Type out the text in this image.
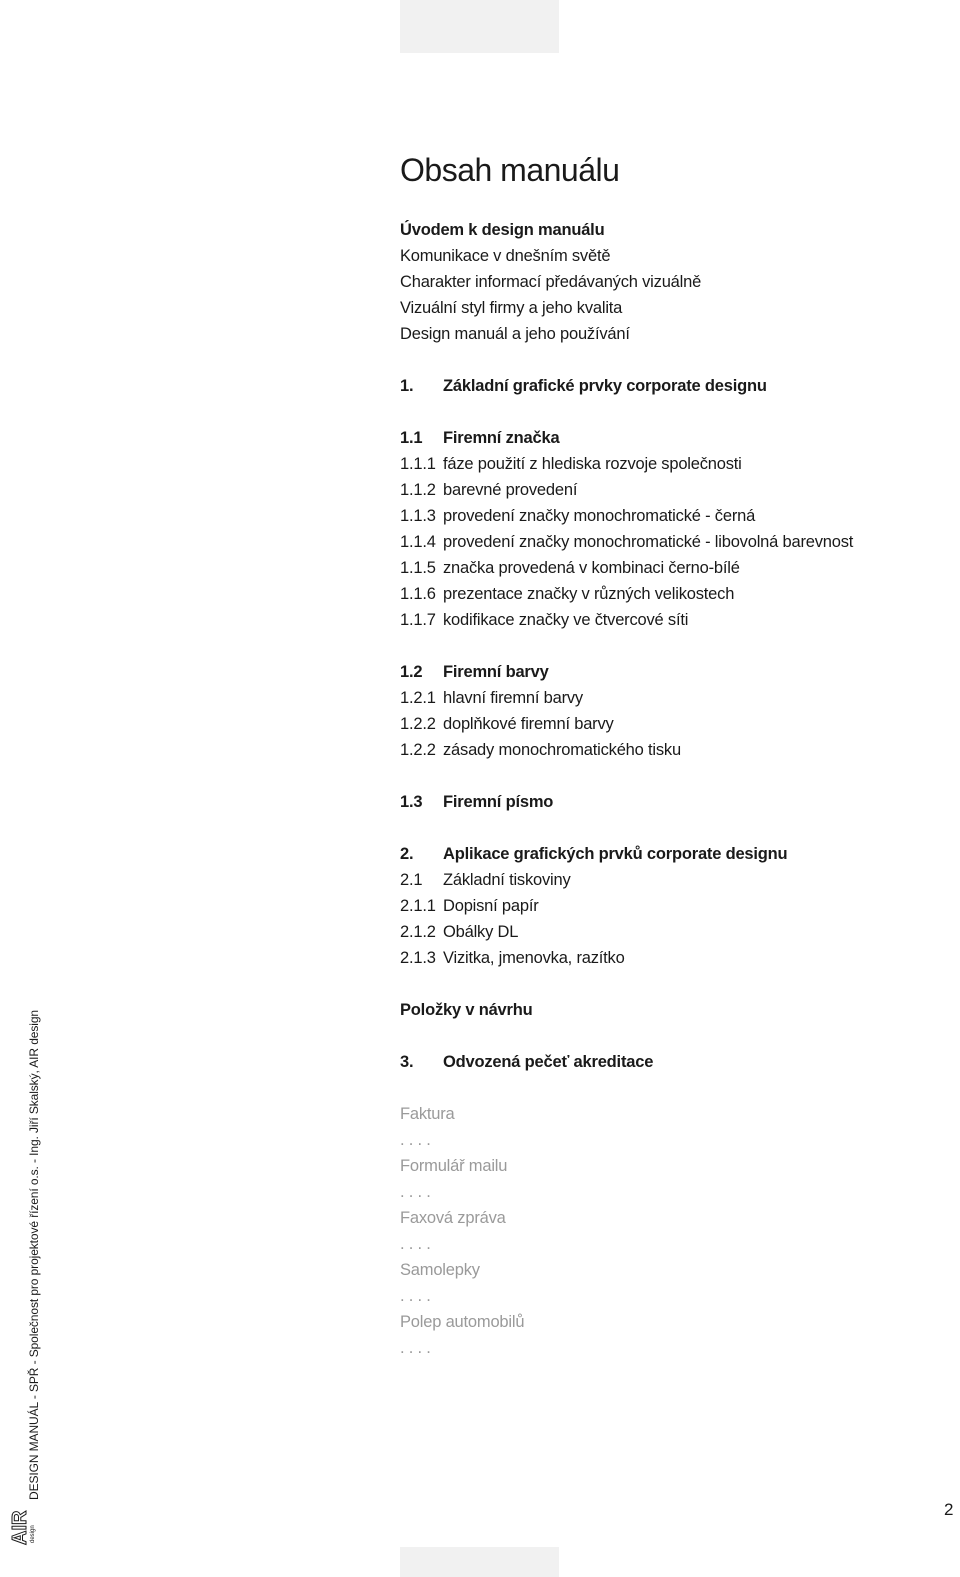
Obsah manuálu
Úvodem k design manuálu
Komunikace v dnešním světě
Charakter informací předávaných vizuálně
Vizuální styl firmy a jeho kvalita
Design manuál a jeho používání
1. Základní grafické prvky corporate designu
1.1 Firemní značka
1.1.1 fáze použití z hlediska rozvoje společnosti
1.1.2 barevné provedení
1.1.3 provedení značky monochromatické - černá
1.1.4 provedení značky monochromatické - libovolná barevnost
1.1.5 značka provedená v kombinaci černo-bílé
1.1.6 prezentace značky v různých velikostech
1.1.7 kodifikace značky ve čtvercové síti
1.2 Firemní barvy
1.2.1 hlavní firemní barvy
1.2.2 doplňkové firemní barvy
1.2.2 zásady monochromatického tisku
1.3 Firemní písmo
2. Aplikace grafických prvků corporate designu
2.1 Základní tiskoviny
2.1.1 Dopisní papír
2.1.2 Obálky DL
2.1.3 Vizitka, jmenovka, razítko
Položky v návrhu
3. Odvozená pečeť akreditace
Faktura
. . . .
Formulář mailu
. . . .
Faxová zpráva
. . . .
Samolepky
. . . .
Polep automobilů
. . . .
DESIGN MANUÁL - SPŘ - Společnost pro projektové řízení o.s. - Ing. Jiří Skalský, AIR design
AIR design
2
